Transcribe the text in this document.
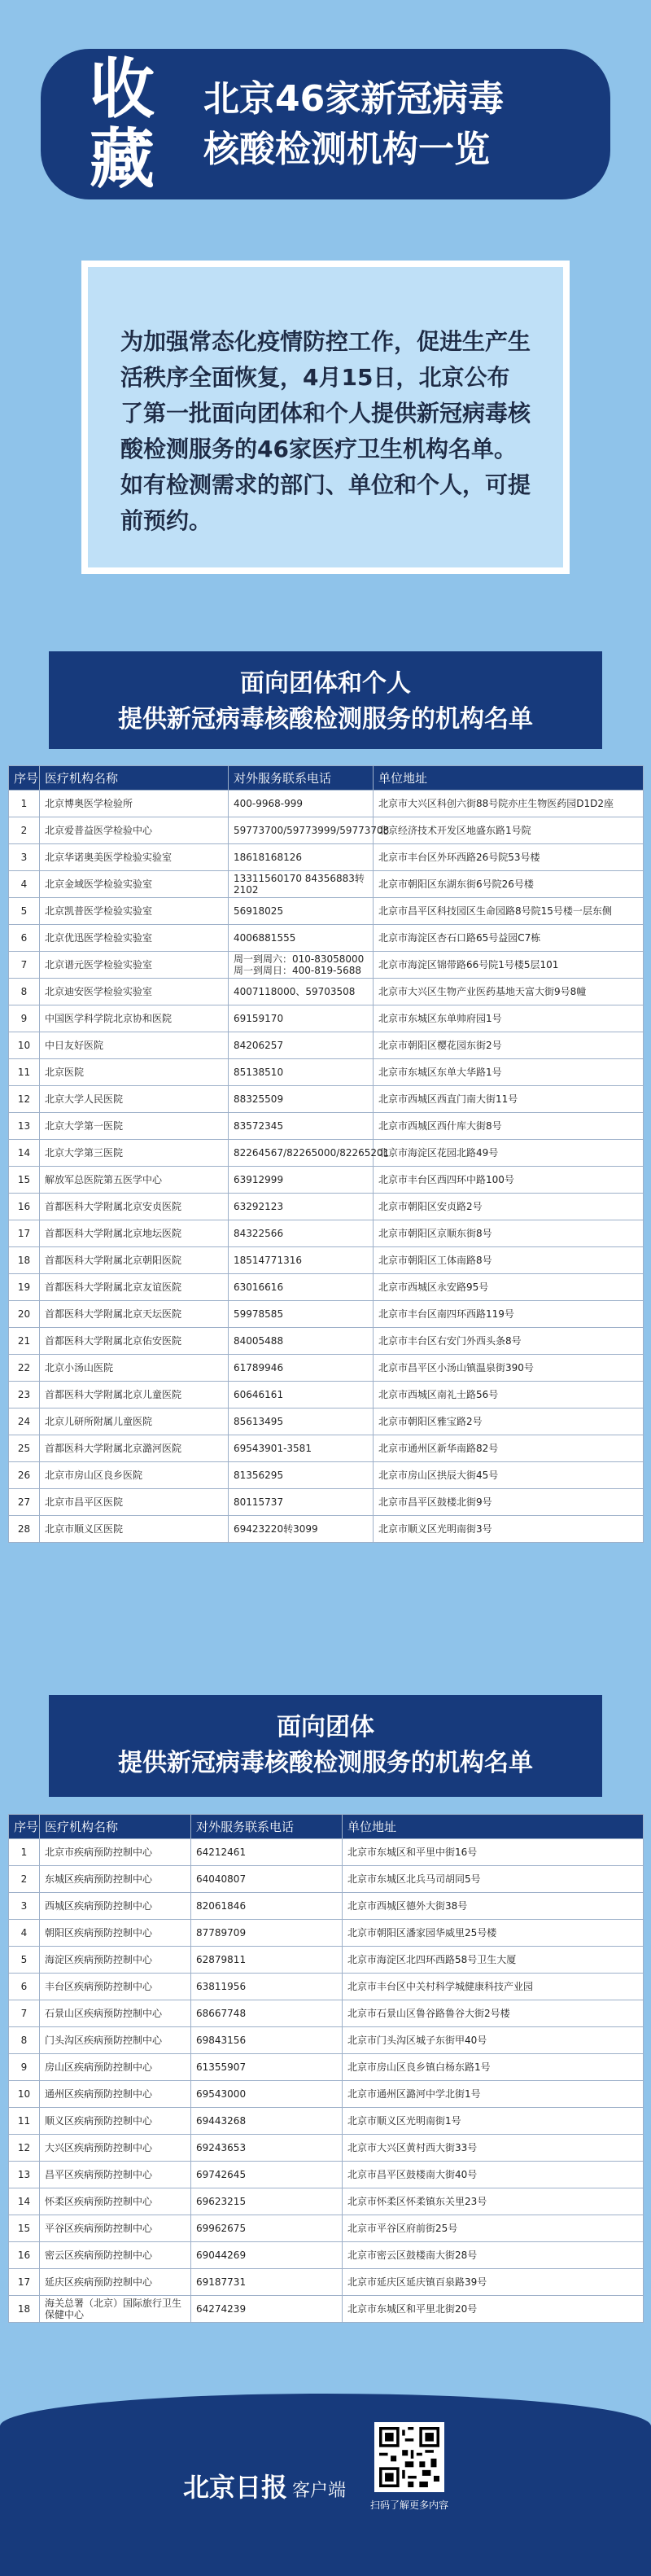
收藏
北京46家新冠病毒
核酸检测机构一览

为加强常态化疫情防控工作，促进生产生活秩序全面恢复，4月15日，北京公布了第一批面向团体和个人提供新冠病毒核酸检测服务的46家医疗卫生机构名单。如有检测需求的部门、单位和个人，可提前预约。

面向团体和个人
提供新冠病毒核酸检测服务的机构名单
序号	医疗机构名称	对外服务联系电话	单位地址
1	北京博奥医学检验所	400-9968-999	北京市大兴区科创六街88号院亦庄生物医药园D1D2座
2	北京爱普益医学检验中心	59773700/59773999/59773708	北京经济技术开发区地盛东路1号院
3	北京华诺奥美医学检验实验室	18618168126	北京市丰台区外环西路26号院53号楼
4	北京金域医学检验实验室	13311560170 84356883转2102	北京市朝阳区东湖东街6号院26号楼
5	北京凯普医学检验实验室	56918025	北京市昌平区科技园区生命园路8号院15号楼一层东侧
6	北京优迅医学检验实验室	4006881555	北京市海淀区杏石口路65号益园C7栋
7	北京谱元医学检验实验室	周一到周六：010-83058000 周一到周日：400-819-5688	北京市海淀区锦带路66号院1号楼5层101
8	北京迪安医学检验实验室	4007118000、59703508	北京市大兴区生物产业医药基地天富大街9号8幢
9	中国医学科学院北京协和医院	69159170	北京市东城区东单帅府园1号
10	中日友好医院	84206257	北京市朝阳区樱花园东街2号
11	北京医院	85138510	北京市东城区东单大华路1号
12	北京大学人民医院	88325509	北京市西城区西直门南大街11号
13	北京大学第一医院	83572345	北京市西城区西什库大街8号
14	北京大学第三医院	82264567/82265000/82265201	北京市海淀区花园北路49号
15	解放军总医院第五医学中心	63912999	北京市丰台区西四环中路100号
16	首都医科大学附属北京安贞医院	63292123	北京市朝阳区安贞路2号
17	首都医科大学附属北京地坛医院	84322566	北京市朝阳区京顺东街8号
18	首都医科大学附属北京朝阳医院	18514771316	北京市朝阳区工体南路8号
19	首都医科大学附属北京友谊医院	63016616	北京市西城区永安路95号
20	首都医科大学附属北京天坛医院	59978585	北京市丰台区南四环西路119号
21	首都医科大学附属北京佑安医院	84005488	北京市丰台区右安门外西头条8号
22	北京小汤山医院	61789946	北京市昌平区小汤山镇温泉街390号
23	首都医科大学附属北京儿童医院	60646161	北京市西城区南礼士路56号
24	北京儿研所附属儿童医院	85613495	北京市朝阳区雅宝路2号
25	首都医科大学附属北京潞河医院	69543901-3581	北京市通州区新华南路82号
26	北京市房山区良乡医院	81356295	北京市房山区拱辰大街45号
27	北京市昌平区医院	80115737	北京市昌平区鼓楼北街9号
28	北京市顺义区医院	69423220转3099	北京市顺义区光明南街3号
面向团体
提供新冠病毒核酸检测服务的机构名单
序号	医疗机构名称	对外服务联系电话	单位地址
1	北京市疾病预防控制中心	64212461	北京市东城区和平里中街16号
2	东城区疾病预防控制中心	64040807	北京市东城区北兵马司胡同5号
3	西城区疾病预防控制中心	82061846	北京市西城区德外大街38号
4	朝阳区疾病预防控制中心	87789709	北京市朝阳区潘家园华威里25号楼
5	海淀区疾病预防控制中心	62879811	北京市海淀区北四环西路58号卫生大厦
6	丰台区疾病预防控制中心	63811956	北京市丰台区中关村科学城健康科技产业园
7	石景山区疾病预防控制中心	68667748	北京市石景山区鲁谷路鲁谷大街2号楼
8	门头沟区疾病预防控制中心	69843156	北京市门头沟区城子东街甲40号
9	房山区疾病预防控制中心	61355907	北京市房山区良乡镇白杨东路1号
10	通州区疾病预防控制中心	69543000	北京市通州区潞河中学北街1号
11	顺义区疾病预防控制中心	69443268	北京市顺义区光明南街1号
12	大兴区疾病预防控制中心	69243653	北京市大兴区黄村西大街33号
13	昌平区疾病预防控制中心	69742645	北京市昌平区鼓楼南大街40号
14	怀柔区疾病预防控制中心	69623215	北京市怀柔区怀柔镇东关里23号
15	平谷区疾病预防控制中心	69962675	北京市平谷区府前街25号
16	密云区疾病预防控制中心	69044269	北京市密云区鼓楼南大街28号
17	延庆区疾病预防控制中心	69187731	北京市延庆区延庆镇百泉路39号
18	海关总署（北京）国际旅行卫生保健中心	64274239	北京市东城区和平里北街20号
北京日报 客户端
扫码了解更多内容
